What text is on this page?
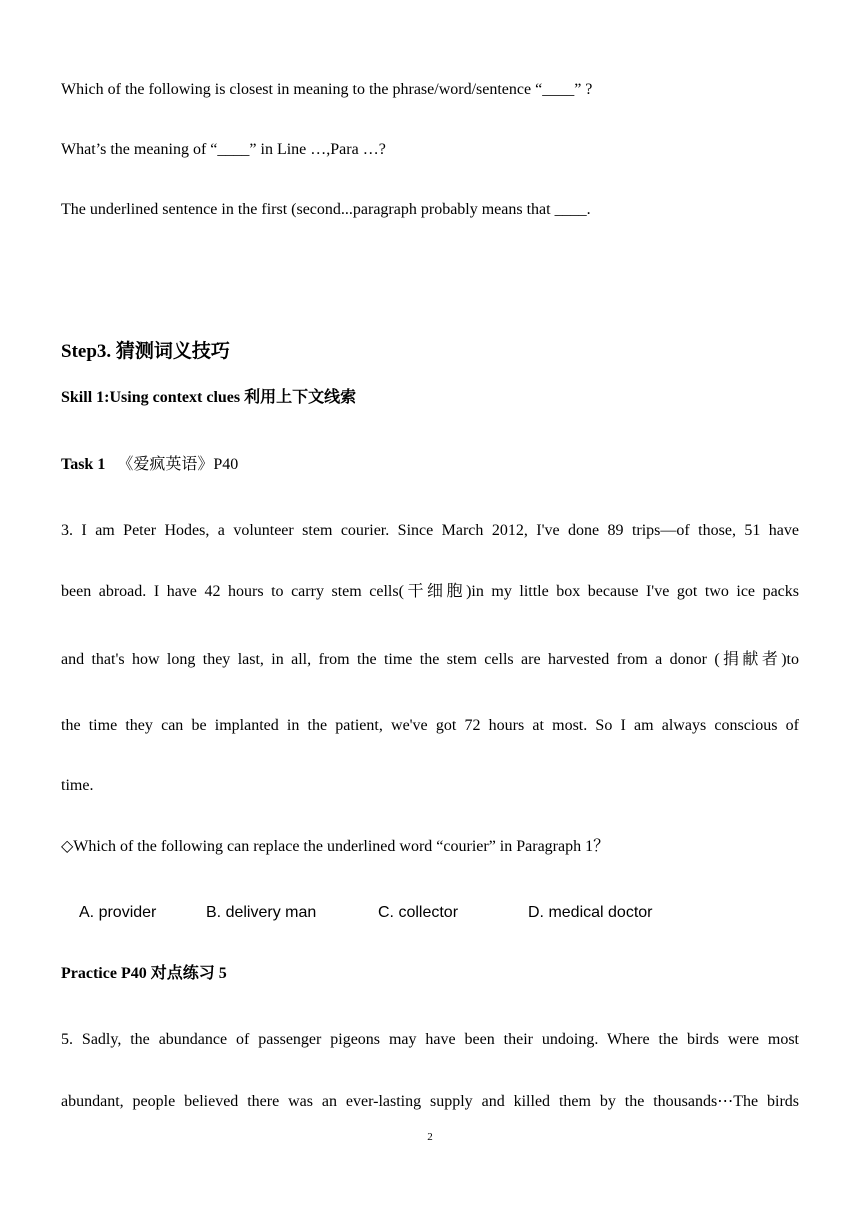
Which of the following is closest in meaning to the phrase/word/sentence “____” ?
What’s the meaning of “____” in Line …,Para …?
The underlined sentence in the first (second...paragraph probably means that ____.
Step3. 猜测词义技巧
Skill 1:Using context clues 利用上下文线索
Task 1 《爱疯英语》P40
3. I am Peter Hodes, a volunteer stem courier. Since March 2012, I've done 89 trips—of those, 51 have
been abroad. I have 42 hours to carry stem cells(干细胞)in my little box because I've got two ice packs
and that's how long they last, in all, from the time the stem cells are harvested from a donor (捐献者)to
the time they can be implanted in the patient, we've got 72 hours at most. So I am always conscious of
time.
◇Which of the following can replace the underlined word “courier” in Paragraph 1？
A. provider	B. delivery man	C. collector	D. medical doctor
Practice P40 对点练习 5
5. Sadly, the abundance of passenger pigeons may have been their undoing. Where the birds were most
abundant, people believed there was an ever-lasting supply and killed them by the thousands⋯The birds
2
